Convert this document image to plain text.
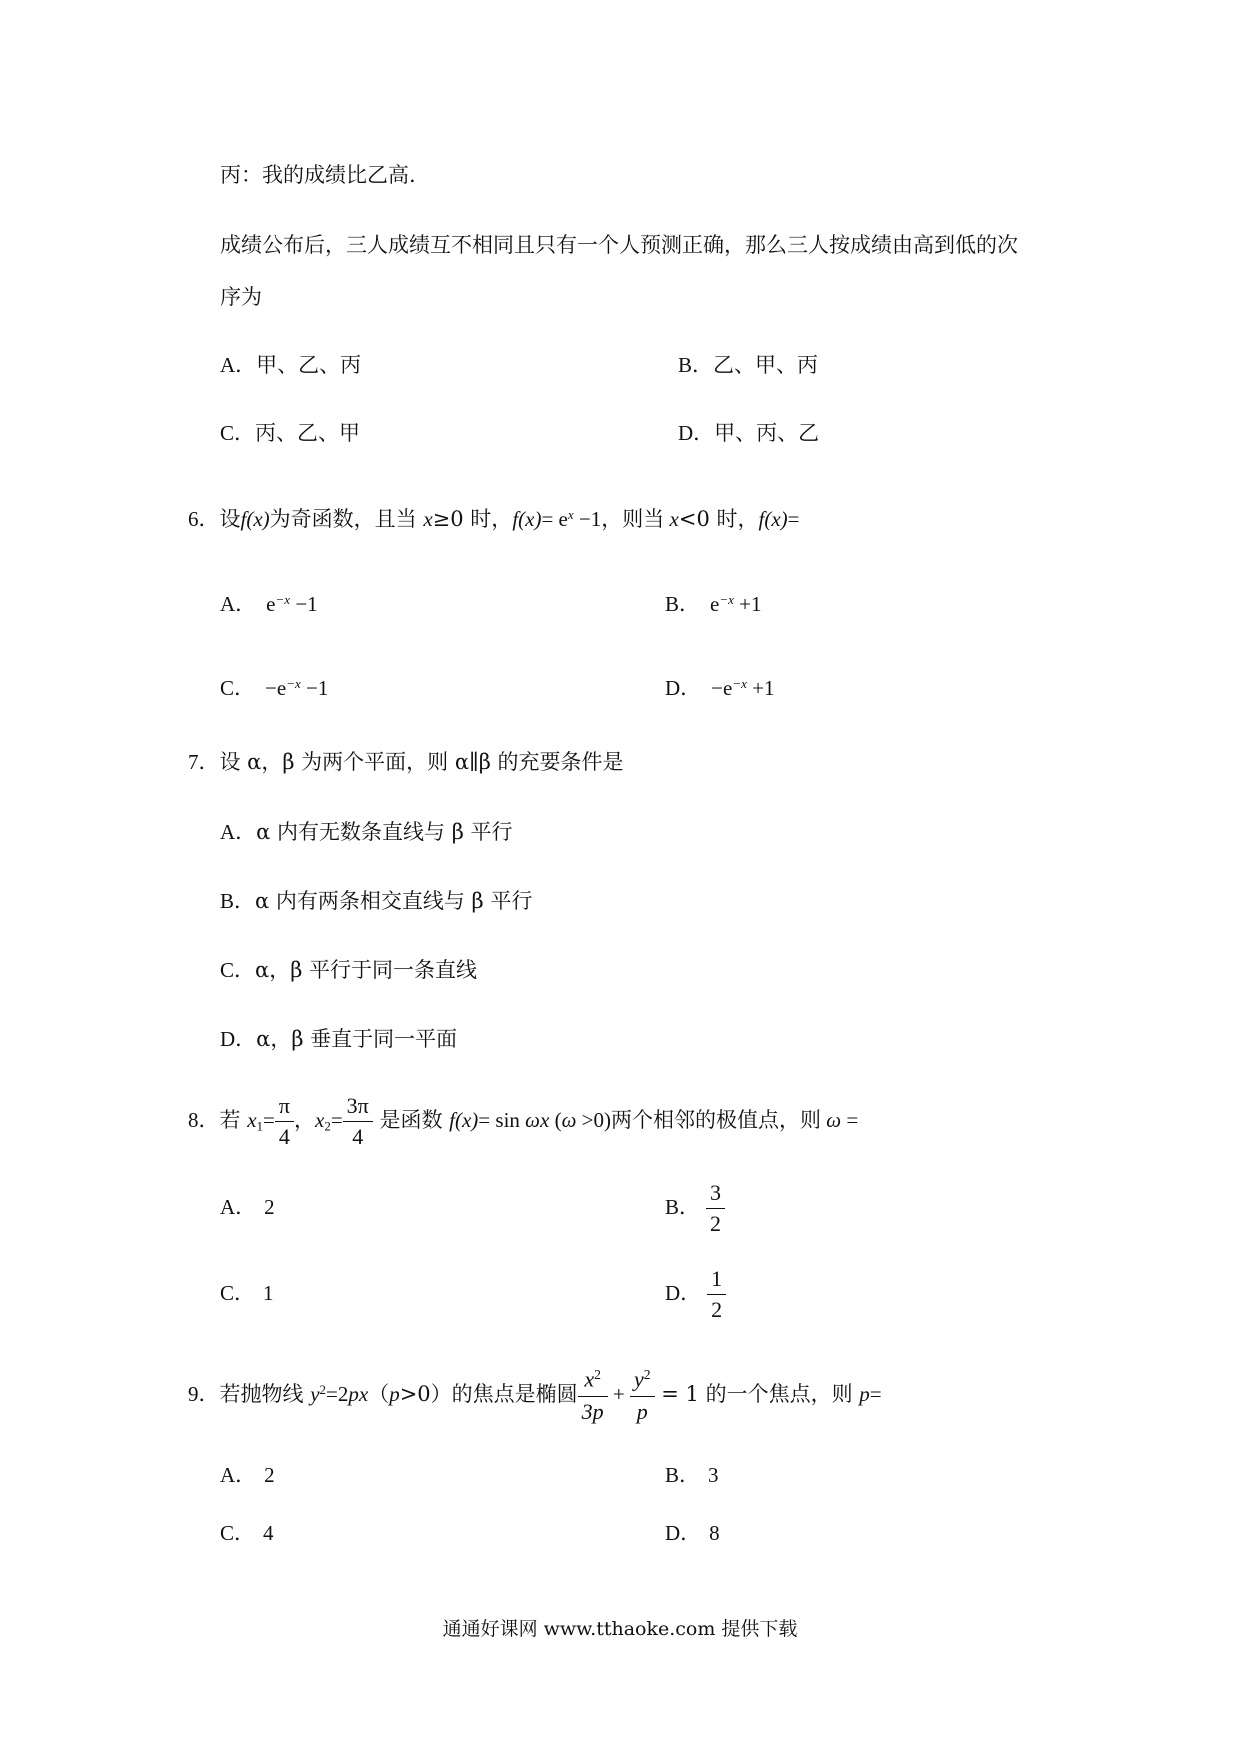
丙：我的成绩比乙高.

成绩公布后，三人成绩互不相同且只有一个人预测正确，那么三人按成绩由高到低的次

序为

A．甲、乙、丙	B．乙、甲、丙

C．丙、乙、甲	D．甲、丙、乙

6．设f(x)为奇函数，且当 x≥0 时，$f(x)= e^x -1$，则当 x<0 时，f(x)=

A． $e^{-x} -1$	B． $e^{-x} +1$

C． $-e^{-x} -1$	D． $-e^{-x} +1$

7．设 α，β 为两个平面，则 α∥β 的充要条件是

A．α 内有无数条直线与 β 平行

B．α 内有两条相交直线与 β 平行

C．α，β 平行于同一条直线

D．α，β 垂直于同一平面

8．若 $x1= \frac{\pi}{4}$ ，$x2= \frac{3\pi}{4}$ 是函数 f(x)= sin ωx (ω >0)两个相邻的极值点，则 ω =

A． 2	B． $\frac{3}{2}$

C． 1	D． $\frac{1}{2}$

9．若抛物线 $y^2=2px(p>0)$的焦点是椭圆 $\frac{x^2}{3p} + \frac{y^2}{p} = 1$ 的一个焦点，则 p=

A． 2	B． 3

C． 4	D． 8

通通好课网 www.tthaoke.com 提供下载
